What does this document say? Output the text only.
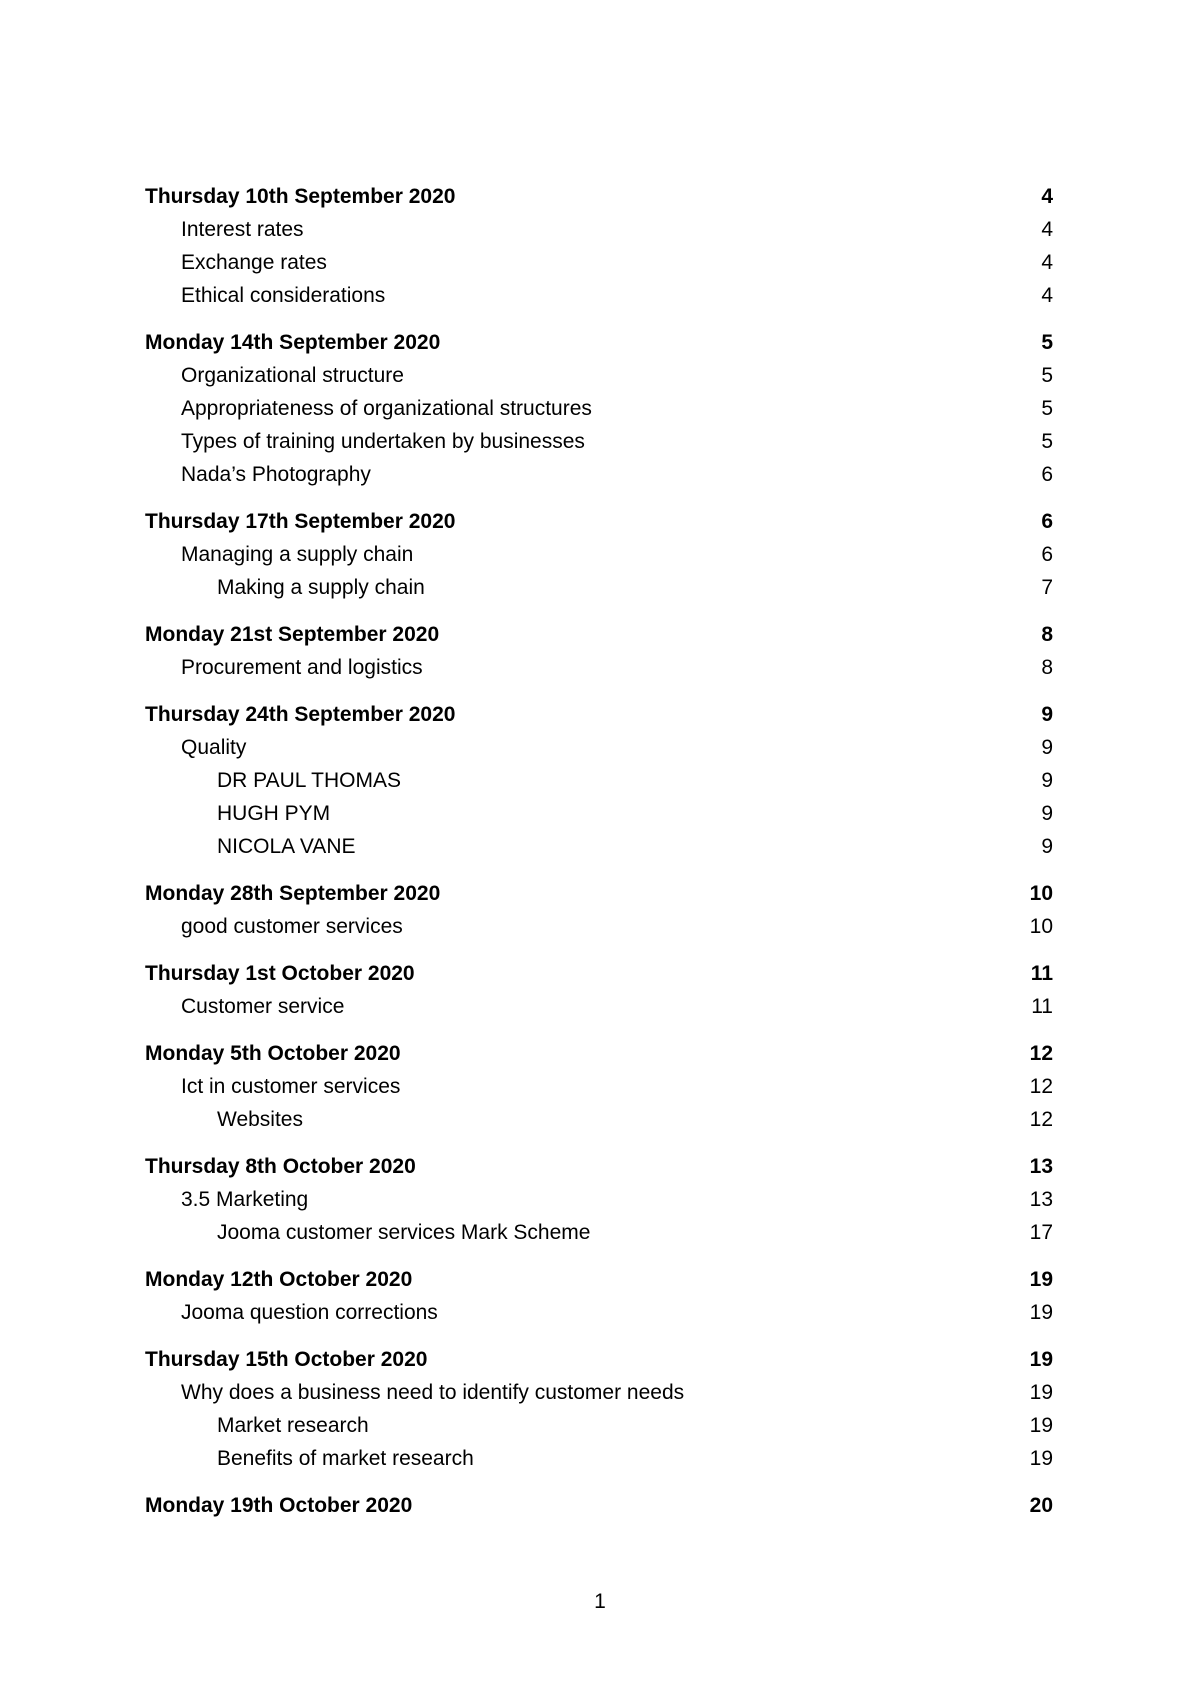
Thursday 10th September 2020	4
Interest rates	4
Exchange rates	4
Ethical considerations	4
Monday 14th September 2020	5
Organizational structure	5
Appropriateness of organizational structures	5
Types of training undertaken by businesses	5
Nada’s Photography	6
Thursday 17th September 2020	6
Managing a supply chain	6
Making a supply chain	7
Monday 21st September 2020	8
Procurement and logistics	8
Thursday 24th September 2020	9
Quality	9
DR PAUL THOMAS	9
HUGH PYM	9
NICOLA VANE	9
Monday 28th September 2020	10
good customer services	10
Thursday 1st October 2020	11
Customer service	11
Monday 5th October 2020	12
Ict in customer services	12
Websites	12
Thursday 8th October 2020	13
3.5 Marketing	13
Jooma customer services Mark Scheme	17
Monday 12th October 2020	19
Jooma question corrections	19
Thursday 15th October 2020	19
Why does a business need to identify customer needs	19
Market research	19
Benefits of market research	19
Monday 19th October 2020	20
1
